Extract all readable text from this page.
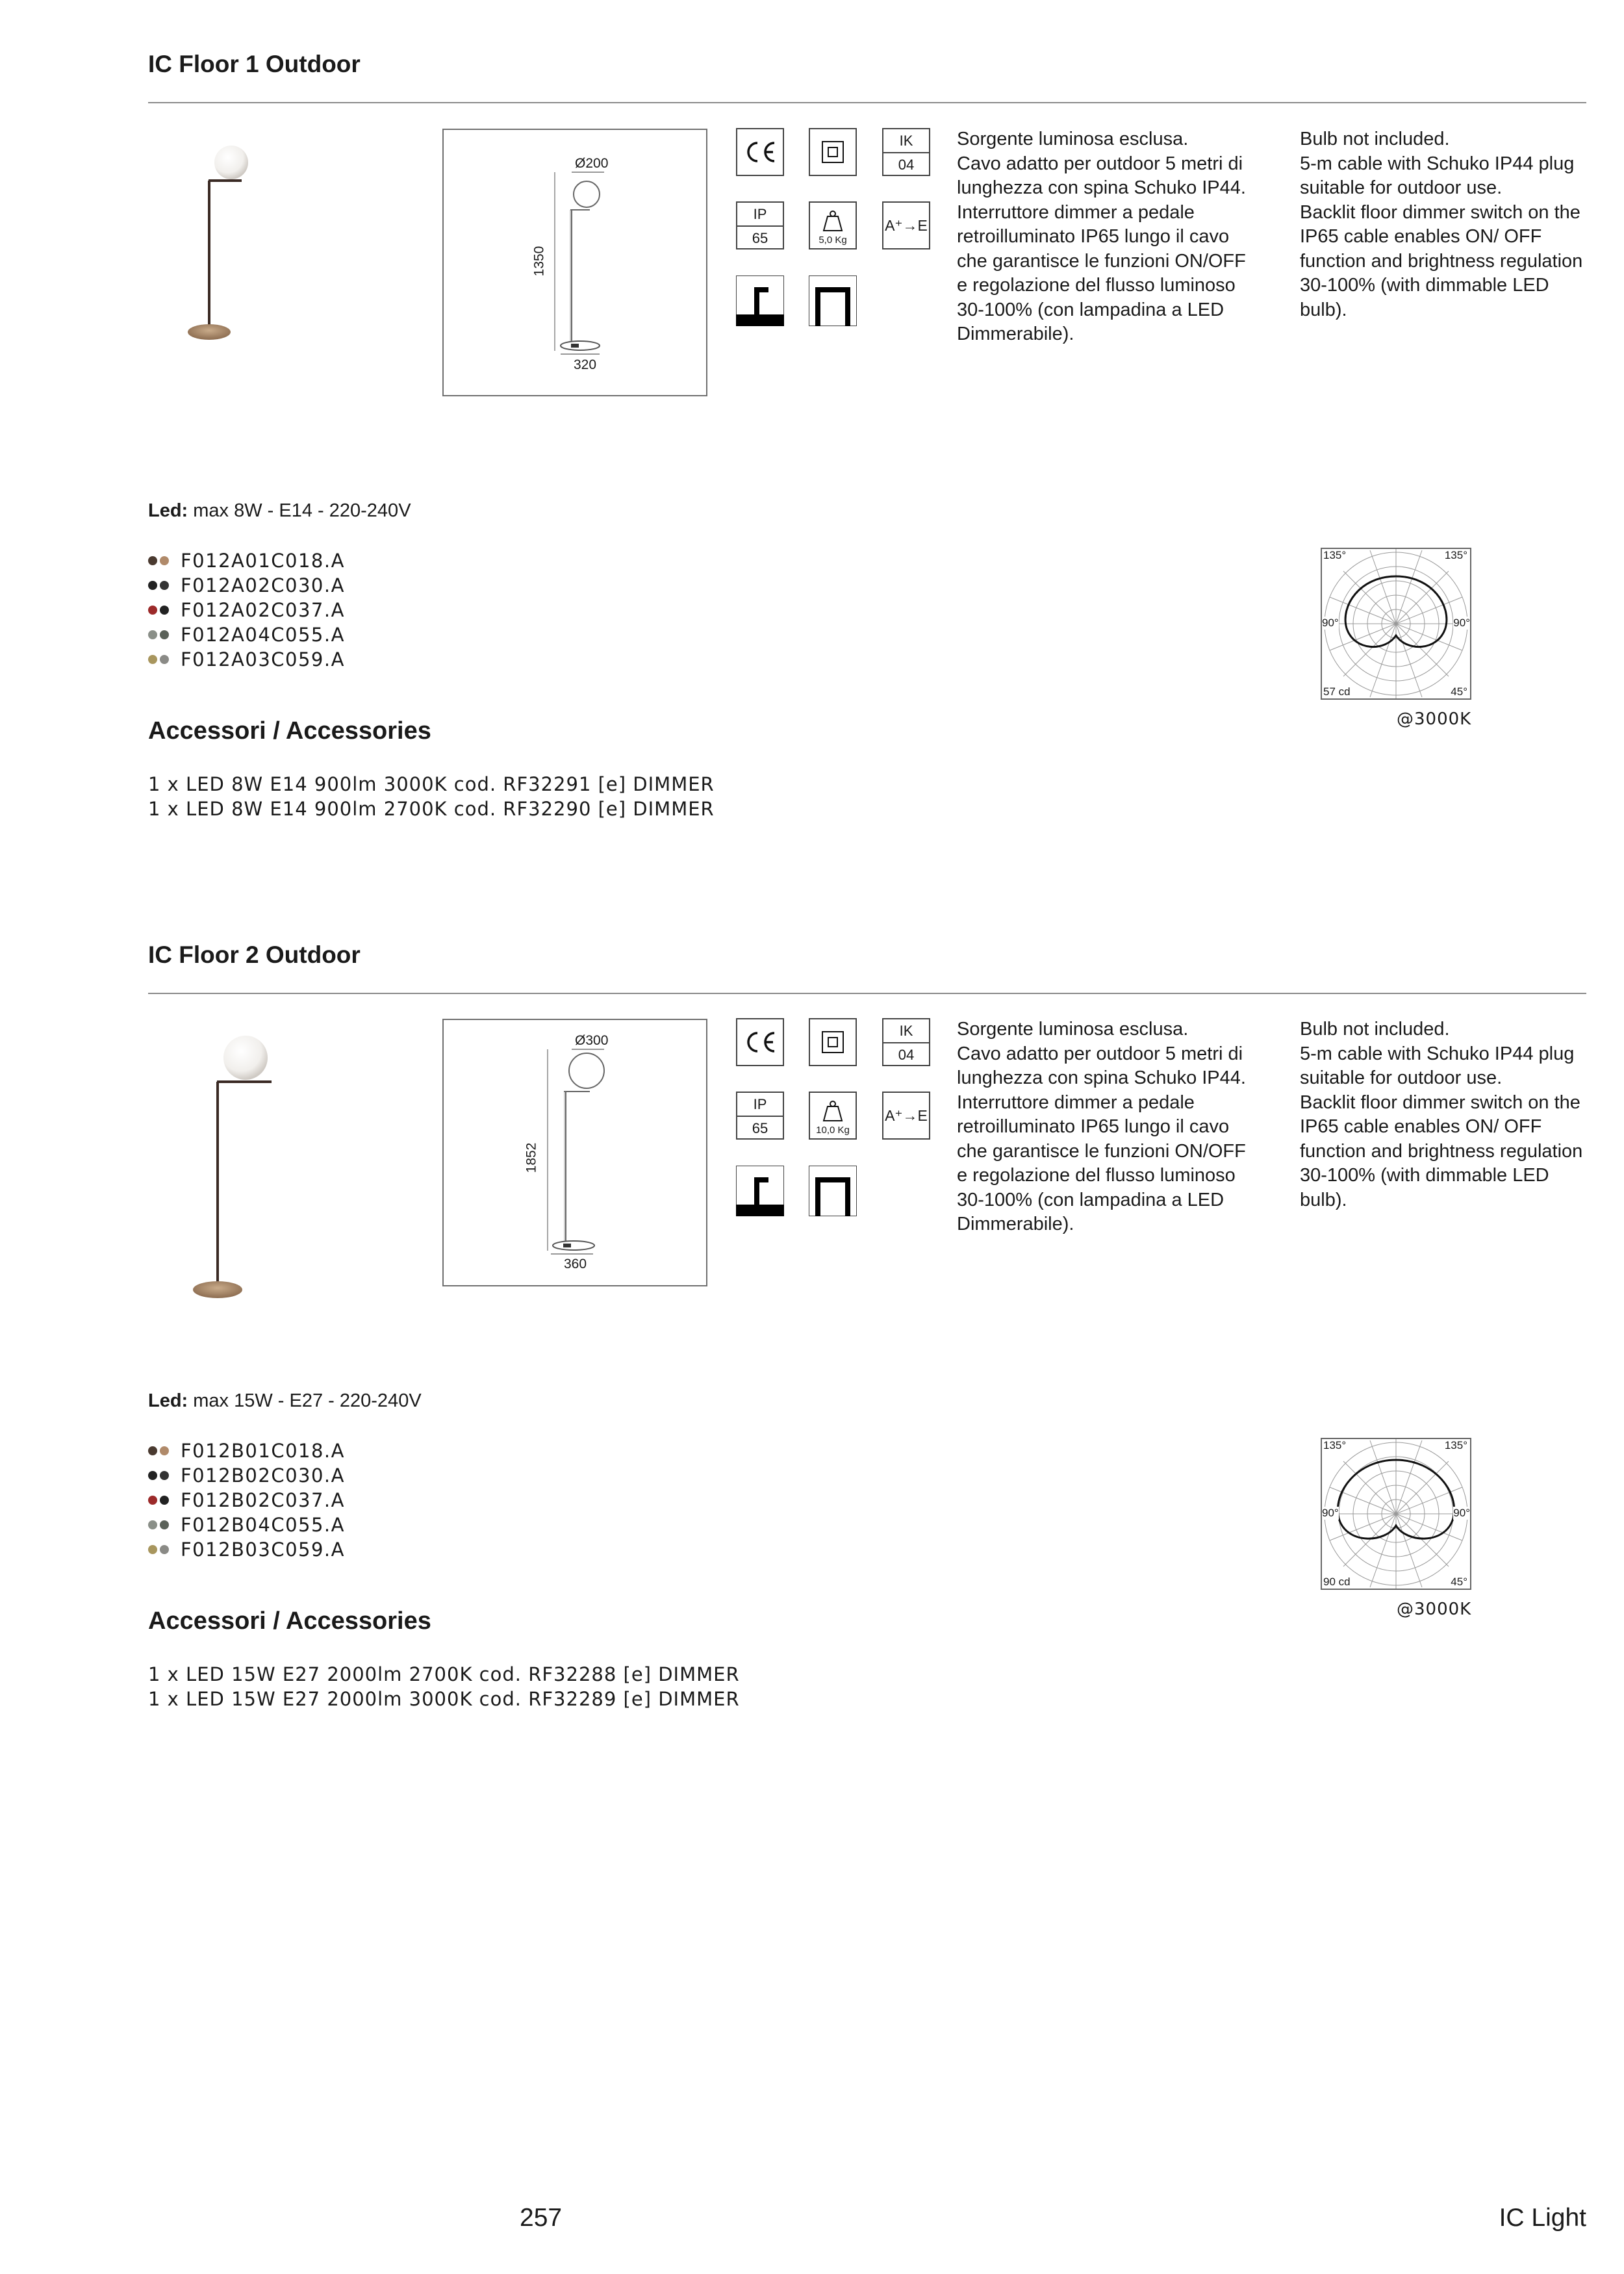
IC Floor 1 Outdoor
Ø200
1350
320
IK
04
IP
65	5,0 Kg
A⁺→E
Sorgente luminosa esclusa.
Cavo adatto per outdoor 5 metri di lunghezza con spina Schuko IP44.
Interruttore dimmer a pedale retroilluminato IP65 lungo il cavo che garantisce le funzioni ON/OFF e regolazione del flusso luminoso 30-100% (con lampadina a LED Dimmerabile).
Bulb not included.
5-m cable with Schuko IP44 plug suitable for outdoor use.
Backlit floor dimmer switch on the IP65 cable enables ON/ OFF function and brightness regulation 30-100% (with dimmable LED bulb).
Led: max 8W - E14 - 220-240V
F012A01C018.A
F012A02C030.A
F012A02C037.A
F012A04C055.A
F012A03C059.A
Accessori / Accessories
1 x LED 8W E14 900lm 3000K cod. RF32291 [e] DIMMER
1 x LED 8W E14 900lm 2700K cod. RF32290 [e] DIMMER
135°	135°
90°	90°
57 cd	45°
@3000K
IC Floor 2 Outdoor
Ø300
1852
360
IK
04
IP
65	10,0 Kg
A⁺→E
Sorgente luminosa esclusa.
Cavo adatto per outdoor 5 metri di lunghezza con spina Schuko IP44.
Interruttore dimmer a pedale retroilluminato IP65 lungo il cavo che garantisce le funzioni ON/OFF e regolazione del flusso luminoso 30-100% (con lampadina a LED Dimmerabile).
Bulb not included.
5-m cable with Schuko IP44 plug suitable for outdoor use.
Backlit floor dimmer switch on the IP65 cable enables ON/ OFF function and brightness regulation 30-100% (with dimmable LED bulb).
Led: max 15W - E27 - 220-240V
F012B01C018.A
F012B02C030.A
F012B02C037.A
F012B04C055.A
F012B03C059.A
Accessori / Accessories
1 x LED 15W E27 2000lm 2700K cod. RF32288 [e] DIMMER
1 x LED 15W E27 2000lm 3000K cod. RF32289 [e] DIMMER
135°	135°
90°	90°
90 cd	45°
@3000K
257	IC Light
